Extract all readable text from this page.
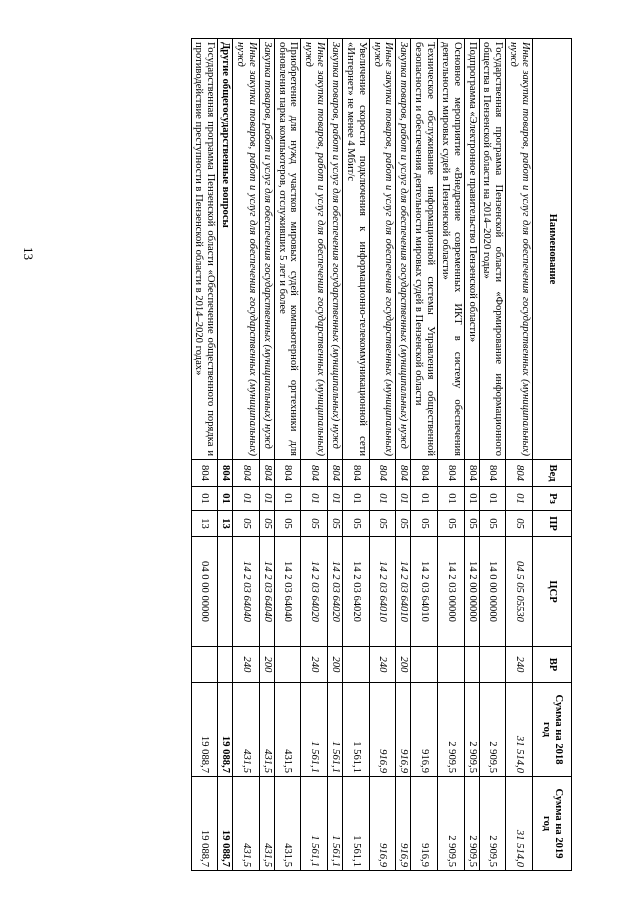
13	Наименование	Вед	Рз	ПР	ЦСР	ВР	Сумма на 2018 год	Сумма на 2019 год
Иные закупки товаров, работ и услуг для обеспечения государственных (муниципальных) нужд	804	01	05	04 5 05 05530	240	31 514,0	31 514,0
Государственная программа Пензенской области «Формирование информационного общества в Пензенской области на 2014–2020 годы»	804	01	05	14 0 00 00000		2 909,5	2 909,5
Подпрограмма «Электронное правительство Пензенской области»	804	01	05	14 2 00 00000		2 909,5	2 909,5
Основное мероприятие «Внедрение современных ИКТ в систему обеспечения деятельности мировых судей в Пензенской области»	804	01	05	14 2 03 00000		2 909,5	2 909,5
Техническое обслуживание информационной системы Управления общественной безопасности и обеспечения деятельности мировых судей в Пензенской области	804	01	05	14 2 03 64010		916,9	916,9
Закупка товаров, работ и услуг для обеспечения государственных (муниципальных) нужд	804	01	05	14 2 03 64010	200	916,9	916,9
Иные закупки товаров, работ и услуг для обеспечения государственных (муниципальных) нужд	804	01	05	14 2 03 64010	240	916,9	916,9
Увеличение скорости подключения к информационно-телекоммуникационной сети «Интернет» не менее 4 Мбит/с	804	01	05	14 2 03 64020		1 561,1	1 561,1
Закупка товаров, работ и услуг для обеспечения государственных (муниципальных) нужд	804	01	05	14 2 03 64020	200	1 561,1	1 561,1
Иные закупки товаров, работ и услуг для обеспечения государственных (муниципальных) нужд	804	01	05	14 2 03 64020	240	1 561,1	1 561,1
Приобретение для нужд участков мировых судей компьютерной оргтехники для обновления парка компьютеров, отслуживших 5 лет и более	804	01	05	14 2 03 64040		431,5	431,5
Закупка товаров, работ и услуг для обеспечения государственных (муниципальных) нужд	804	01	05	14 2 03 64040	200	431,5	431,5
Иные закупки товаров, работ и услуг для обеспечения государственных (муниципальных) нужд	804	01	05	14 2 03 64040	240	431,5	431,5
Другие общегосударственные вопросы	804	01	13			19 088,7	19 088,7
Государственная программа Пензенской области «Обеспечение общественного порядка и противодействие преступности в Пензенской области в 2014–2020 годах»	804	01	13	04 0 00 00000		19 088,7	19 088,7
